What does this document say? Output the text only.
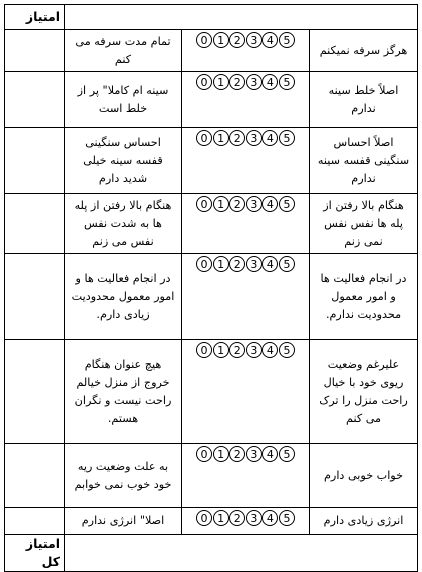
			امتیاز
هرگز سرفه نمیکنم	0 1 2 3 4 5	تمام مدت سرفه می کنم	
اصلاً خلط سینه ندارم	0 1 2 3 4 5	سینه ام کاملا" پر از خلط است	
اصلاً احساس سنگینی قفسه سینه ندارم	0 1 2 3 4 5	احساس سنگینی قفسه سینه خیلی شدید دارم	
هنگام بالا رفتن از پله ها نفس نفس نمی زنم	0 1 2 3 4 5	هنگام بالا رفتن از پله ها به شدت نفس نفس می زنم	
در انجام فعالیت ها و امور معمول محدودیت ندارم.	0 1 2 3 4 5	در انجام فعالیت ها و امور معمول محدودیت زیادی دارم.	
علیرغم وضعیت ریوی خود با خیال راحت منزل را ترک می کنم	0 1 2 3 4 5	هیچ عنوان هنگام خروج از منزل خیالم راحت نیست و نگران هستم.	
خواب خوبی دارم	0 1 2 3 4 5	به علت وضعیت ریه خود خوب نمی خوابم	
انرژی زیادی دارم	0 1 2 3 4 5	اصلا" انرژی ندارم	
			امتیاز کل
